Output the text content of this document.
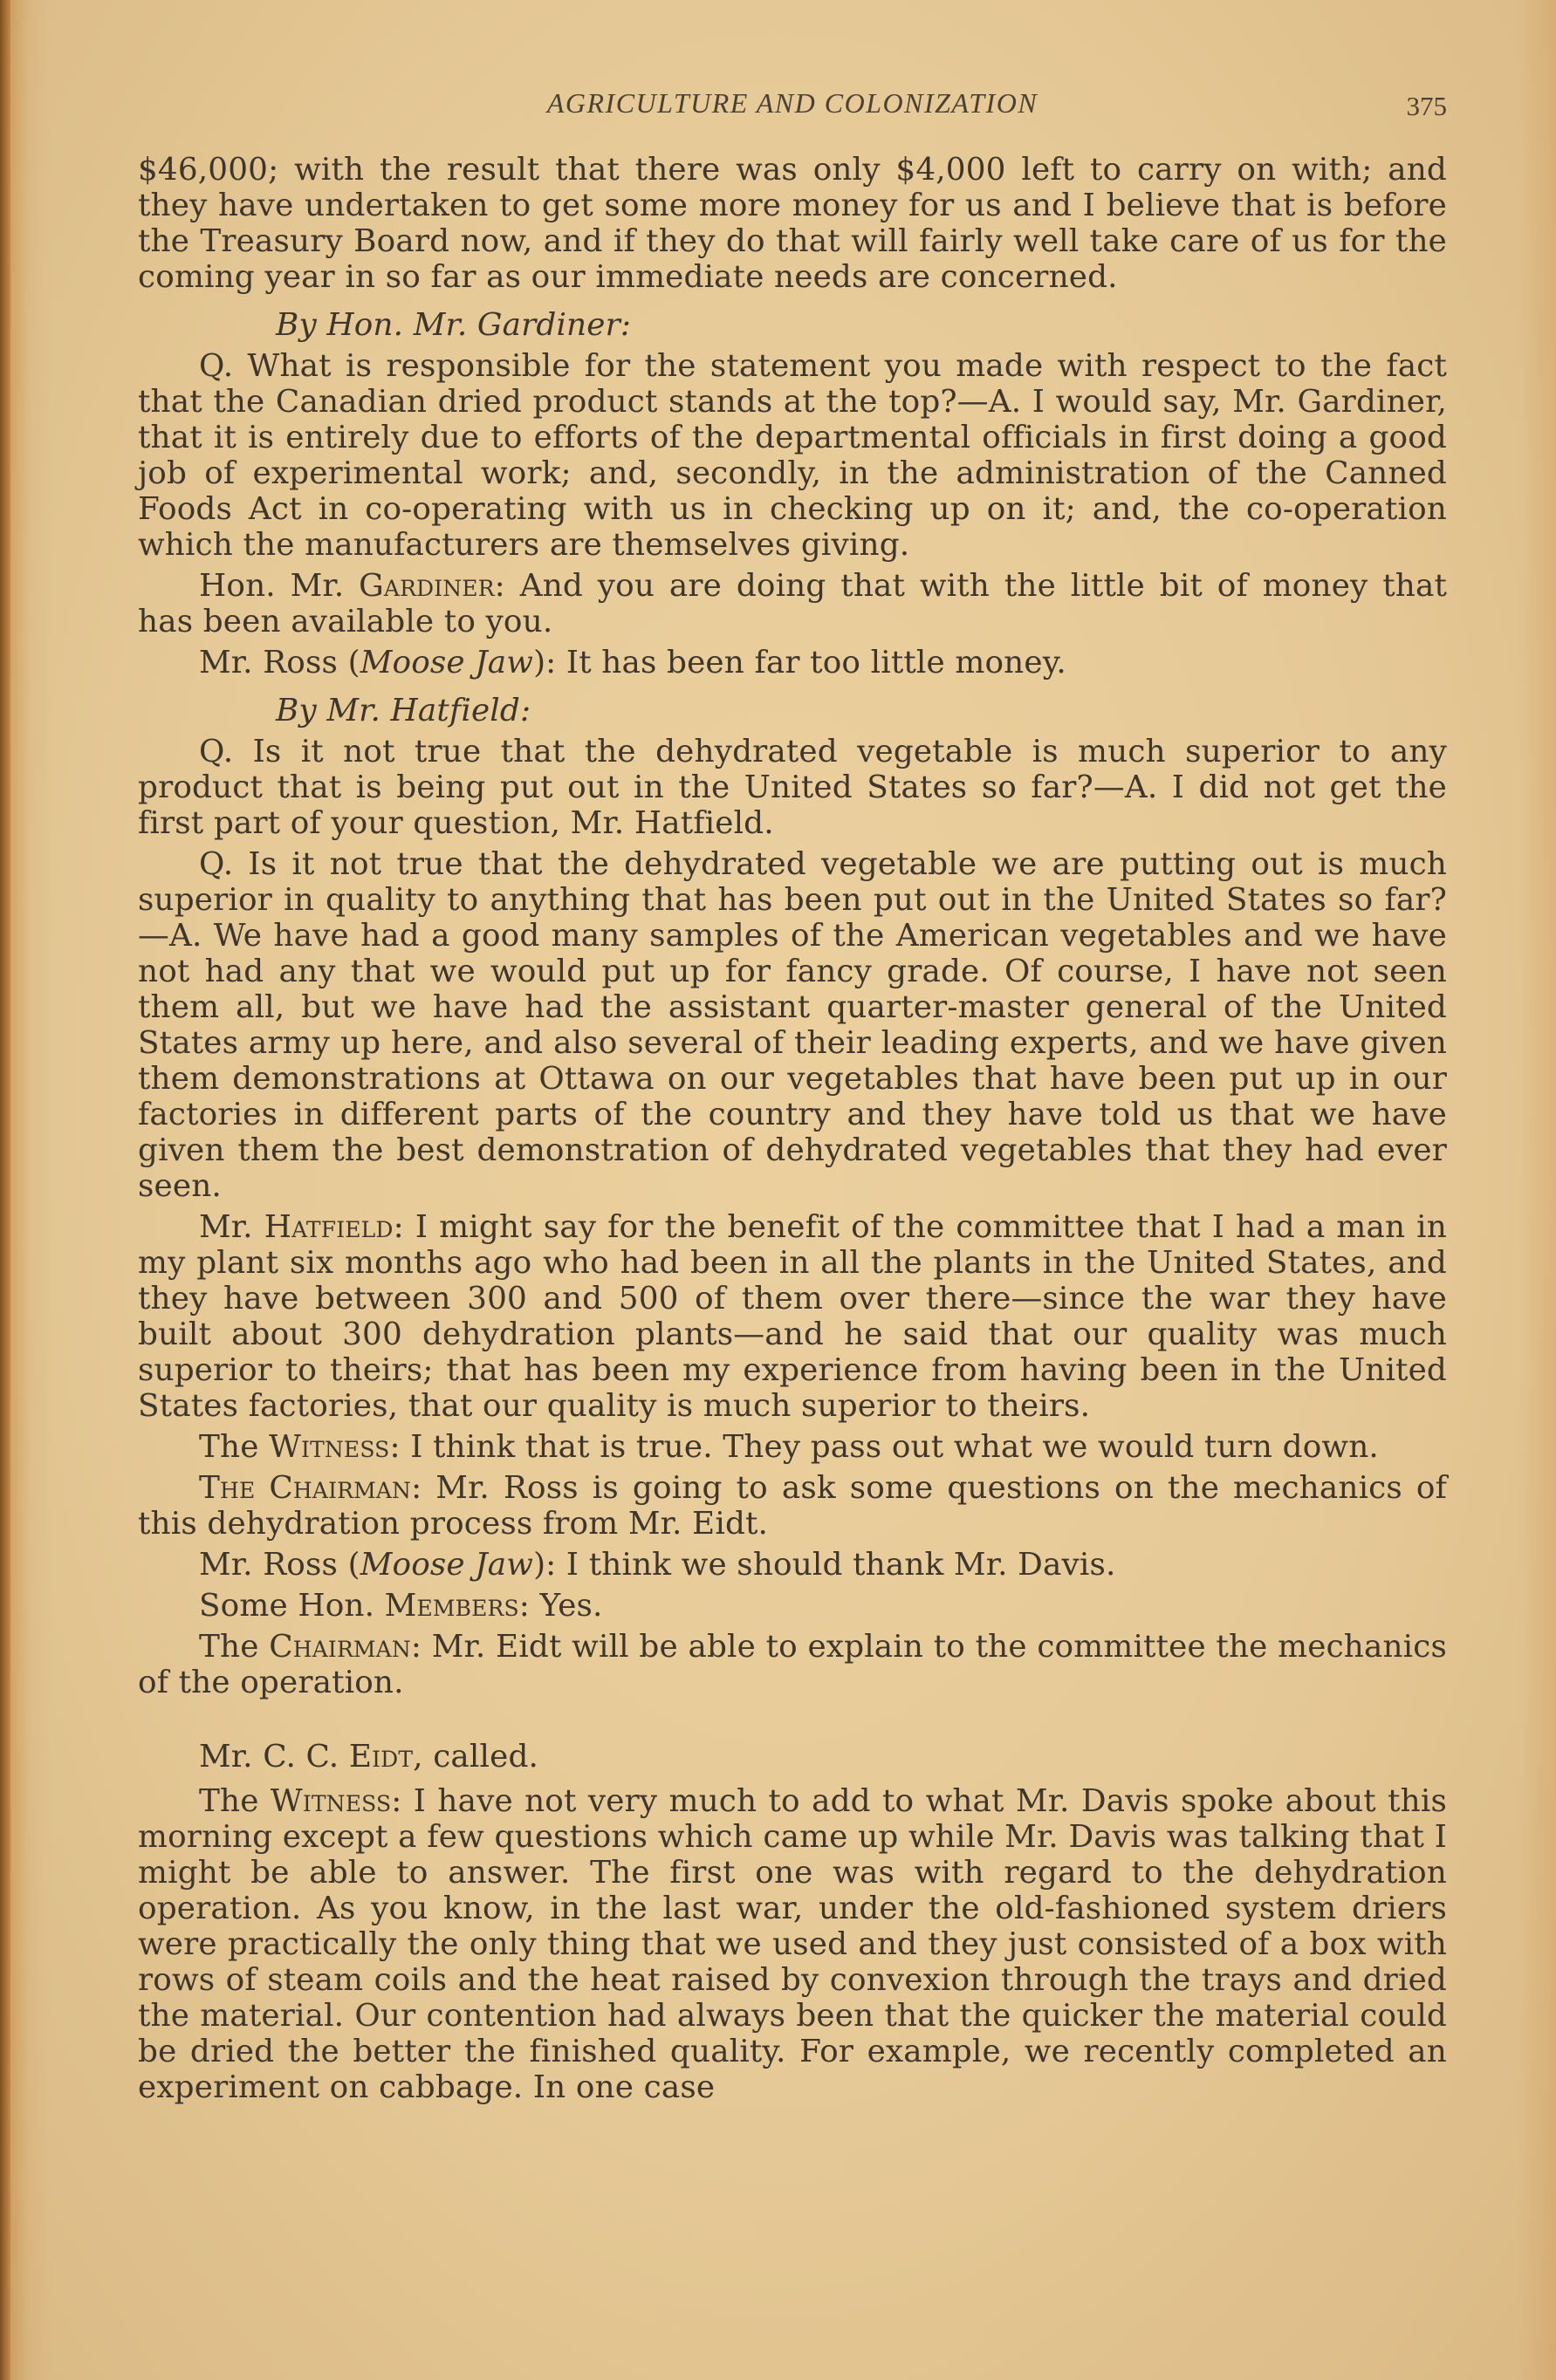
AGRICULTURE AND COLONIZATION	375

$46,000; with the result that there was only $4,000 left to carry on with; and they have undertaken to get some more money for us and I believe that is before the Treasury Board now, and if they do that will fairly well take care of us for the coming year in so far as our immediate needs are concerned.

By Hon. Mr. Gardiner:

Q. What is responsible for the statement you made with respect to the fact that the Canadian dried product stands at the top?—A. I would say, Mr. Gardiner, that it is entirely due to efforts of the departmental officials in first doing a good job of experimental work; and, secondly, in the administration of the Canned Foods Act in co-operating with us in checking up on it; and, the co-operation which the manufacturers are themselves giving.

Hon. Mr. Gardiner: And you are doing that with the little bit of money that has been available to you.

Mr. Ross (Moose Jaw): It has been far too little money.

By Mr. Hatfield:

Q. Is it not true that the dehydrated vegetable is much superior to any product that is being put out in the United States so far?—A. I did not get the first part of your question, Mr. Hatfield.

Q. Is it not true that the dehydrated vegetable we are putting out is much superior in quality to anything that has been put out in the United States so far?—A. We have had a good many samples of the American vegetables and we have not had any that we would put up for fancy grade. Of course, I have not seen them all, but we have had the assistant quarter-master general of the United States army up here, and also several of their leading experts, and we have given them demonstrations at Ottawa on our vegetables that have been put up in our factories in different parts of the country and they have told us that we have given them the best demonstration of dehydrated vegetables that they had ever seen.

Mr. Hatfield: I might say for the benefit of the committee that I had a man in my plant six months ago who had been in all the plants in the United States, and they have between 300 and 500 of them over there—since the war they have built about 300 dehydration plants—and he said that our quality was much superior to theirs; that has been my experience from having been in the United States factories, that our quality is much superior to theirs.

The Witness: I think that is true. They pass out what we would turn down.

The Chairman: Mr. Ross is going to ask some questions on the mechanics of this dehydration process from Mr. Eidt.

Mr. Ross (Moose Jaw): I think we should thank Mr. Davis.

Some Hon. Members: Yes.

The Chairman: Mr. Eidt will be able to explain to the committee the mechanics of the operation.

Mr. C. C. Eidt, called.

The Witness: I have not very much to add to what Mr. Davis spoke about this morning except a few questions which came up while Mr. Davis was talking that I might be able to answer. The first one was with regard to the dehydration operation. As you know, in the last war, under the old-fashioned system driers were practically the only thing that we used and they just consisted of a box with rows of steam coils and the heat raised by convexion through the trays and dried the material. Our contention had always been that the quicker the material could be dried the better the finished quality. For example, we recently completed an experiment on cabbage. In one case
